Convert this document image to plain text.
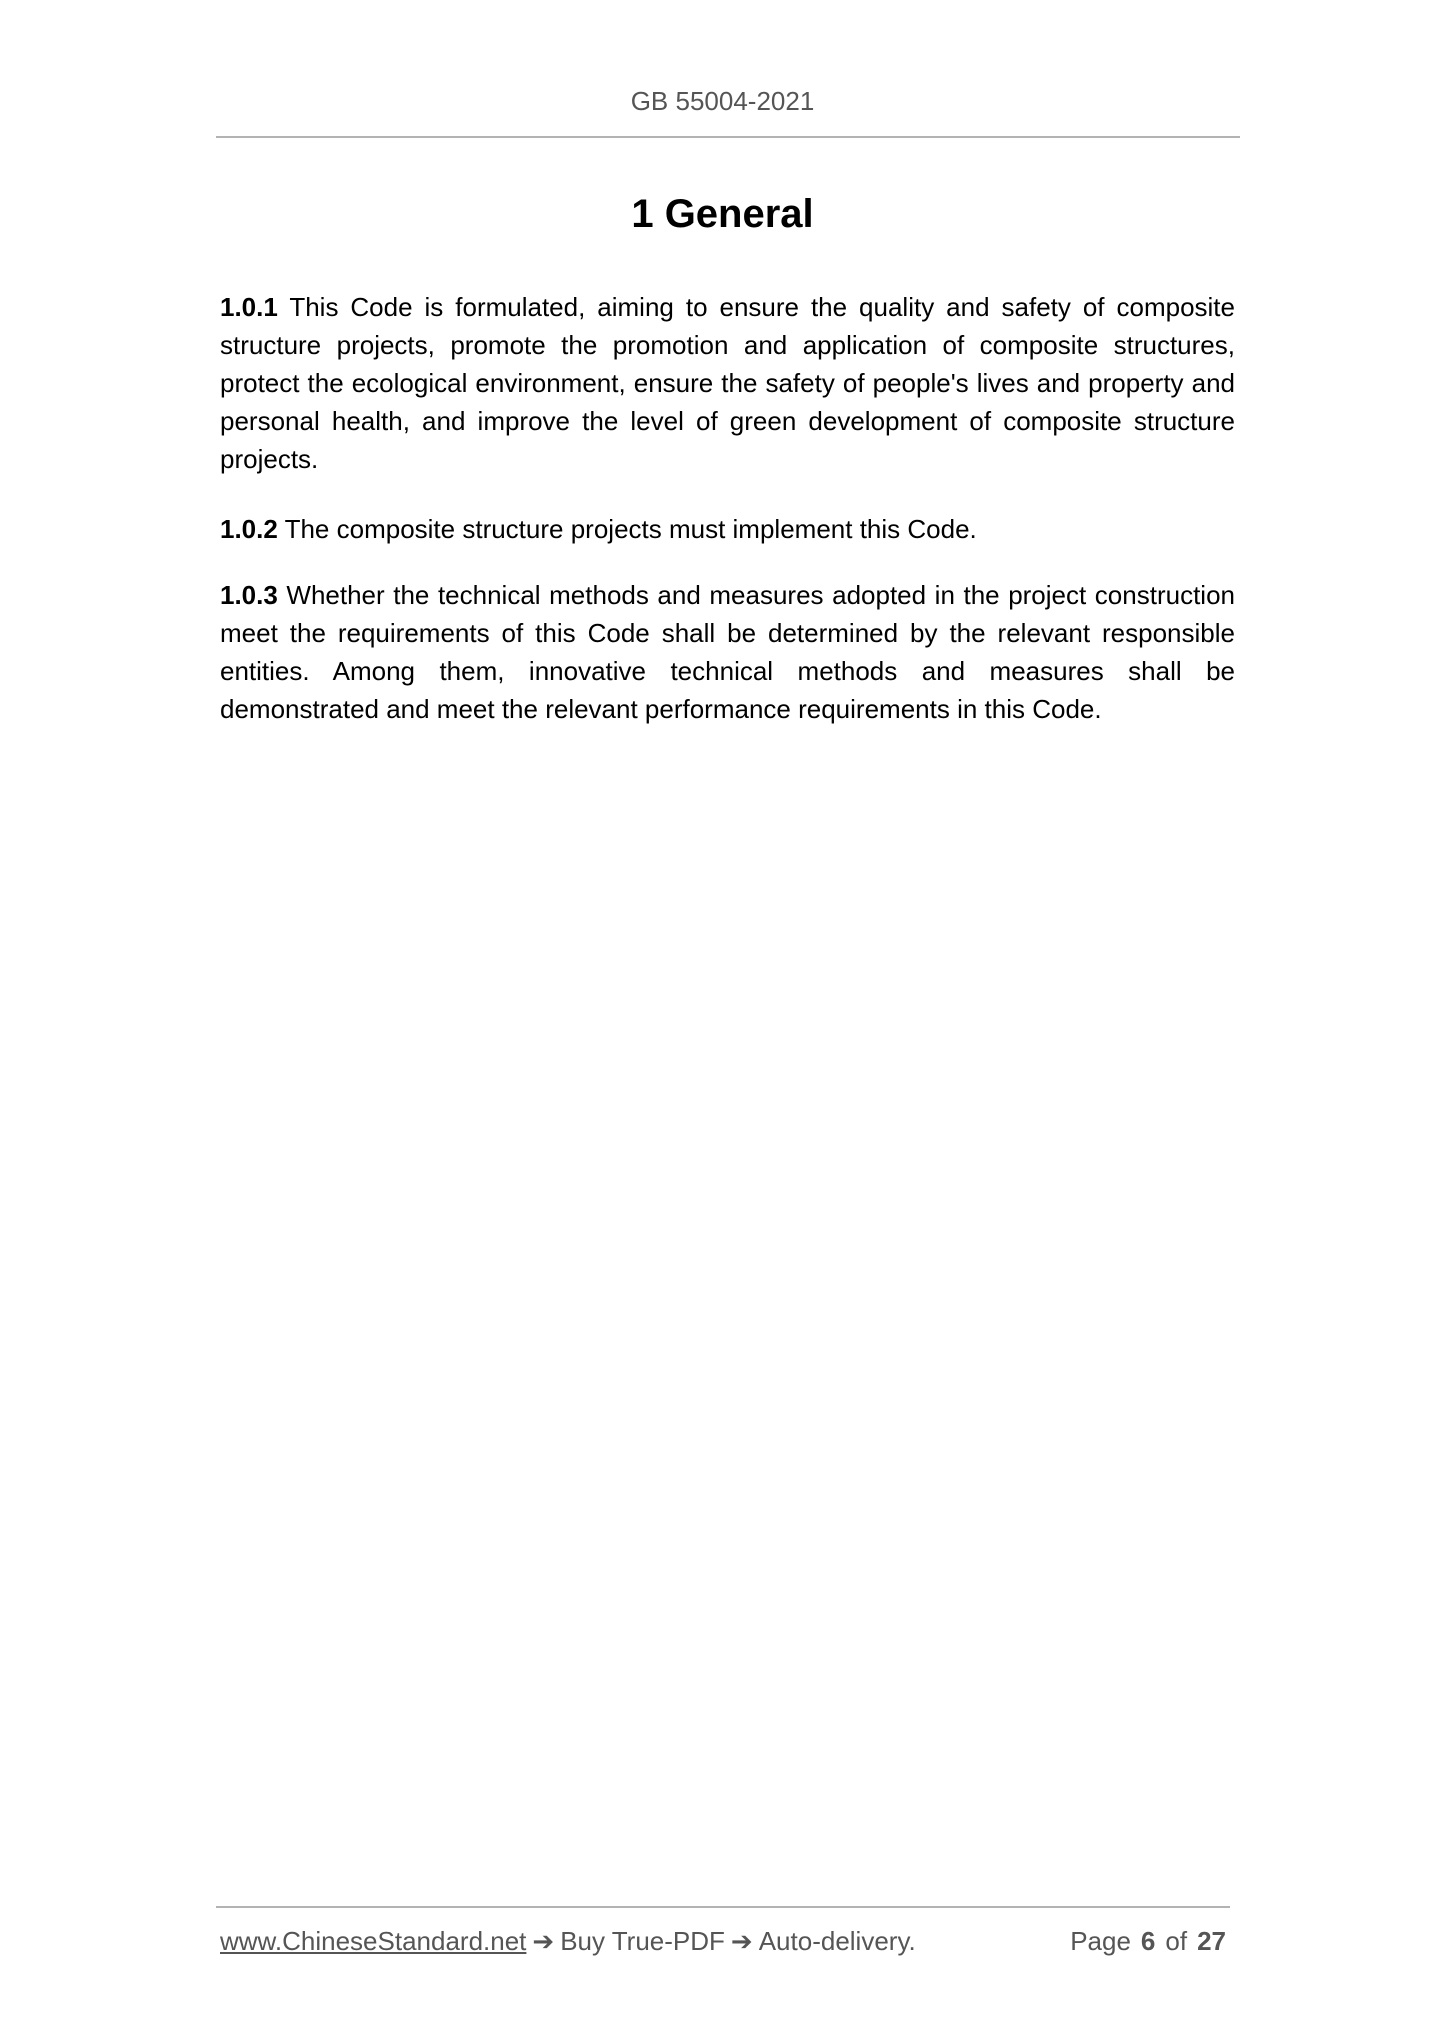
GB 55004-2021
1 General

1.0.1 This Code is formulated, aiming to ensure the quality and safety of composite structure projects, promote the promotion and application of composite structures, protect the ecological environment, ensure the safety of people's lives and property and personal health, and improve the level of green development of composite structure projects.

1.0.2 The composite structure projects must implement this Code.

1.0.3 Whether the technical methods and measures adopted in the project construction meet the requirements of this Code shall be determined by the relevant responsible entities. Among them, innovative technical methods and measures shall be demonstrated and meet the relevant performance requirements in this Code.

www.ChineseStandard.net ➔ Buy True-PDF ➔ Auto-delivery.	Page 6 of 27
